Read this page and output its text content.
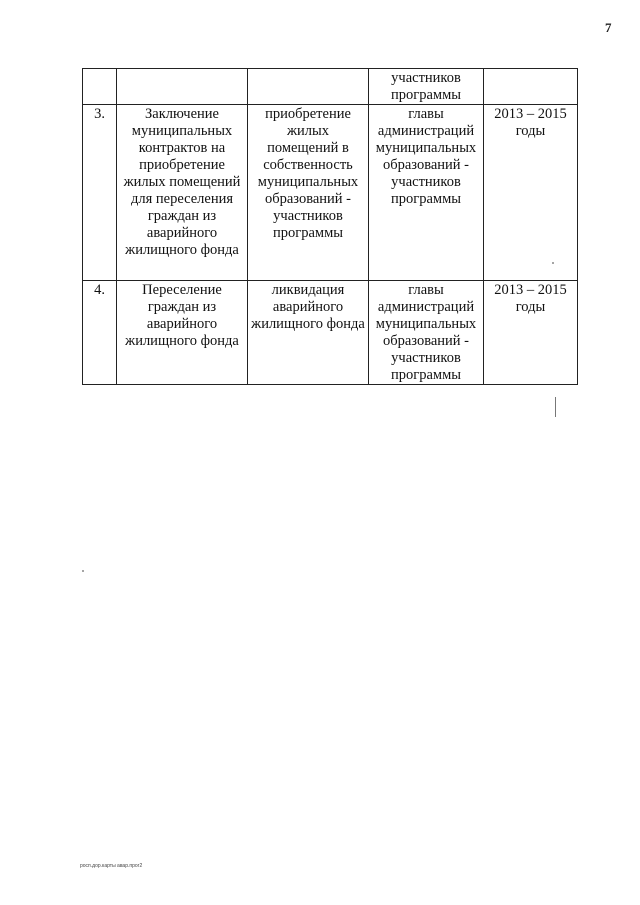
7
			участников программы	
3.	Заключение муниципальных контрактов на приобретение жилых помещений для переселения граждан из аварийного жилищного фонда	приобретение жилых помещений в собственность муниципальных образований - участников программы	главы администраций муниципальных образований - участников программы	2013 – 2015 годы
4.	Переселение граждан из аварийного жилищного фонда	ликвидация аварийного жилищного фонда	главы администраций муниципальных образований - участников программы	2013 – 2015 годы
росп.дор.карты авар.прог2
